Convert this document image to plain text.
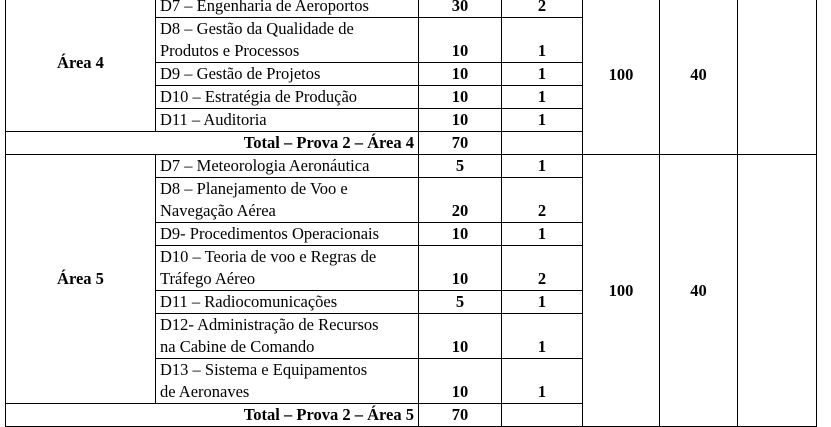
Área 4	D7 – Engenharia de Aeroportos	30	2	100	40	

	D8 – Gestão da Qualidade de
Produtos e Processos	10	1			

	D9 – Gestão de Projetos	10	1			

	D10 – Estratégia de Produção	10	1			

	D11 – Auditoria	10	1			
Total – Prova 2 – Área 4		70				
Área 5	D7 – Meteorologia Aeronáutica	5	1	100	40	

	D8 – Planejamento de Voo e
Navegação Aérea	20	2			

	D9- Procedimentos Operacionais	10	1			

	D10 – Teoria de voo e Regras de
Tráfego Aéreo	10	2			

	D11 – Radiocomunicações	5	1			

	D12- Administração de Recursos
na Cabine de Comando	10	1			

	D13 – Sistema e Equipamentos
de Aeronaves	10	1			
Total – Prova 2 – Área 5		70				
